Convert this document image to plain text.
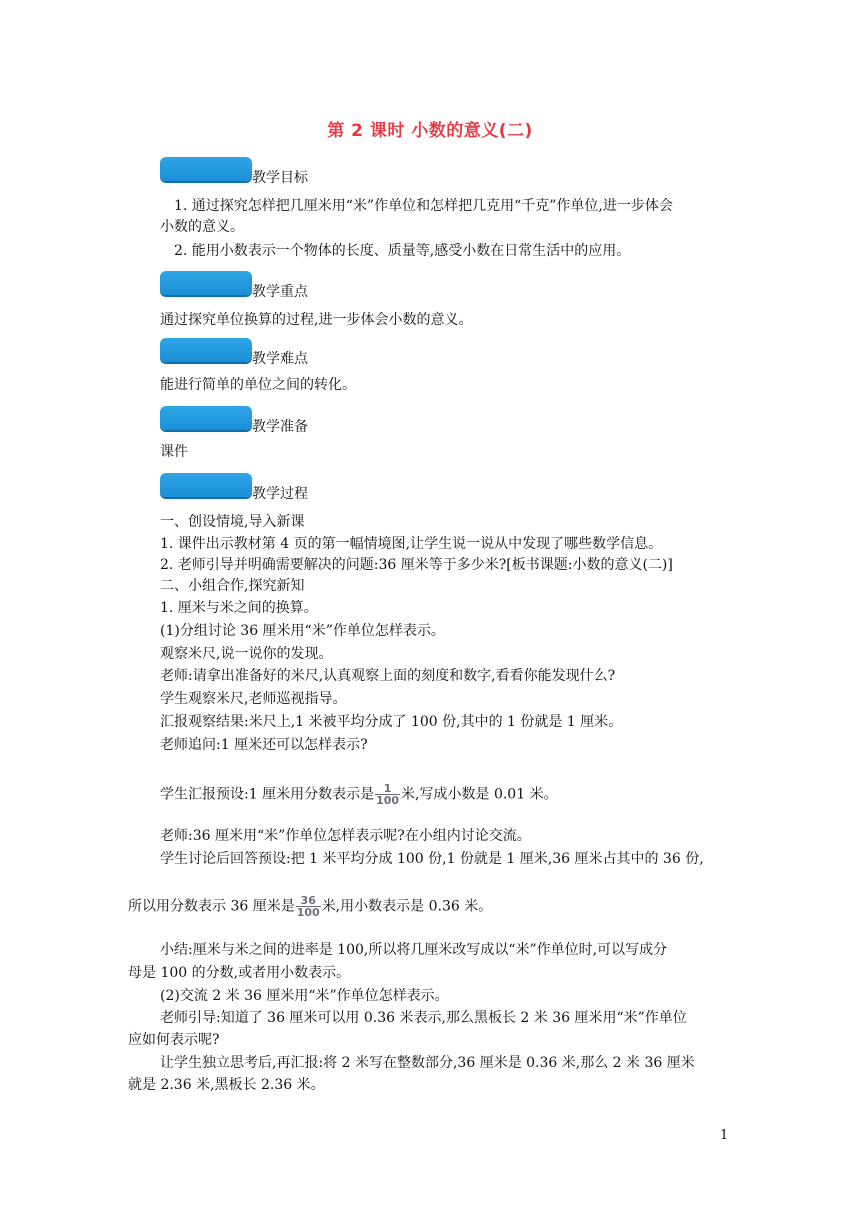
第 2 课时 小数的意义(二)
教学目标
1. 通过探究怎样把几厘米用“米”作单位和怎样把几克用“千克”作单位,进一步体会
小数的意义。
2. 能用小数表示一个物体的长度、质量等,感受小数在日常生活中的应用。
教学重点
通过探究单位换算的过程,进一步体会小数的意义。
教学难点
能进行简单的单位之间的转化。
教学准备
课件
教学过程
一、创设情境,导入新课
1. 课件出示教材第 4 页的第一幅情境图,让学生说一说从中发现了哪些数学信息。
2. 老师引导并明确需要解决的问题:36 厘米等于多少米?[板书课题:小数的意义(二)]
二、小组合作,探究新知
1. 厘米与米之间的换算。
(1)分组讨论 36 厘米用“米”作单位怎样表示。
观察米尺,说一说你的发现。
老师:请拿出准备好的米尺,认真观察上面的刻度和数字,看看你能发现什么?
学生观察米尺,老师巡视指导。
汇报观察结果:米尺上,1 米被平均分成了 100 份,其中的 1 份就是 1 厘米。
老师追问:1 厘米还可以怎样表示?
学生汇报预设:1 厘米用分数表示是 $\frac{1}{100}$ 米,写成小数是 0.01 米。
老师:36 厘米用“米”作单位怎样表示呢?在小组内讨论交流。
学生讨论后回答预设:把 1 米平均分成 100 份,1 份就是 1 厘米,36 厘米占其中的 36 份,
所以用分数表示 36 厘米是 $\frac{36}{100}$ 米,用小数表示是 0.36 米。
小结:厘米与米之间的进率是 100,所以将几厘米改写成以“米”作单位时,可以写成分
母是 100 的分数,或者用小数表示。
(2)交流 2 米 36 厘米用“米”作单位怎样表示。
老师引导:知道了 36 厘米可以用 0.36 米表示,那么黑板长 2 米 36 厘米用“米”作单位
应如何表示呢?
让学生独立思考后,再汇报:将 2 米写在整数部分,36 厘米是 0.36 米,那么 2 米 36 厘米
就是 2.36 米,黑板长 2.36 米。
1
